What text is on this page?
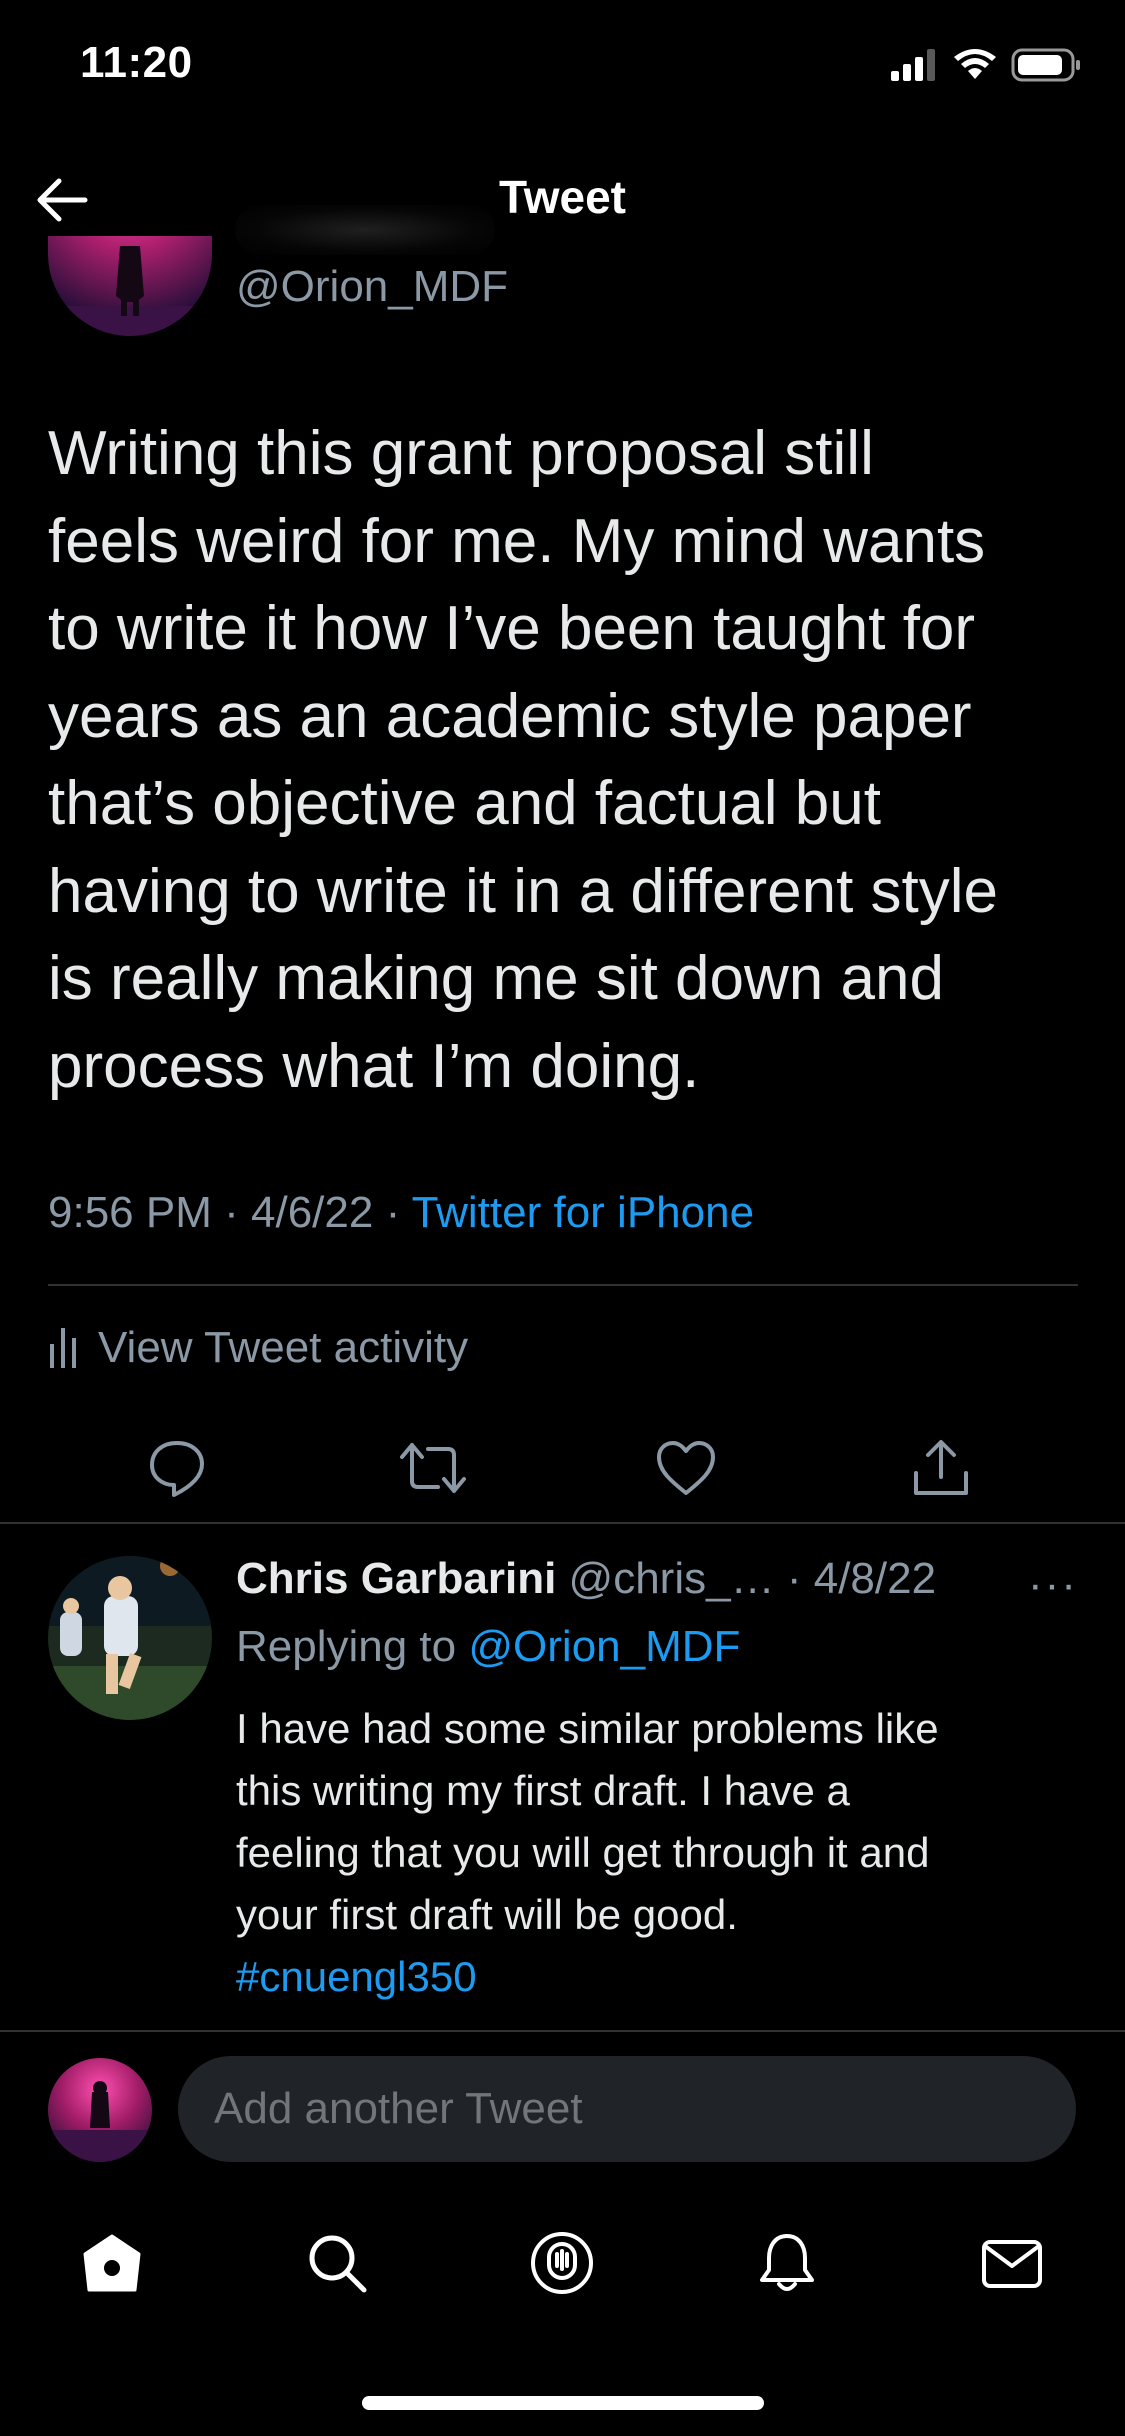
11:20
Tweet
@Orion_MDF
Writing this grant proposal still
feels weird for me. My mind wants
to write it how I’ve been taught for
years as an academic style paper
that’s objective and factual but
having to write it in a different style
is really making me sit down and
process what I’m doing.
9:56 PM · 4/6/22 · Twitter for iPhone
View Tweet activity
Chris Garbarini @chris_… · 4/8/22 ···
Replying to @Orion_MDF
I have had some similar problems like
this writing my first draft. I have a
feeling that you will get through it and
your first draft will be good.
#cnuengl350
Add another Tweet
